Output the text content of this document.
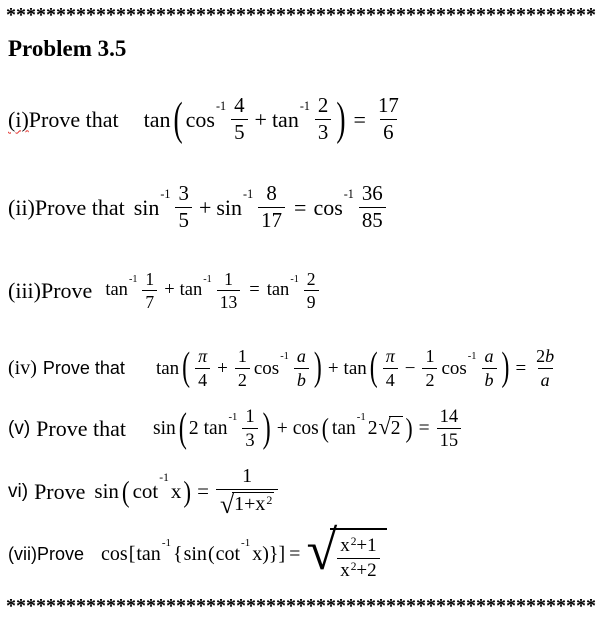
***********************************************************
Problem 3.5
(i) Prove that tan ( cos
$-1 \frac{4}{5} + \tan$
$-1 \frac{2}{3}$ ) = $\frac{17}{6}$
(ii) Prove that sin
$-1 \frac{3}{5} + \sin$
$-1 \frac{8}{17} = \cos$
$-1 \frac{36}{85}$
(iii) Prove tan
$-1 \frac{1}{7} + \tan$
$-1 \frac{1}{13} = \tan$
$-1 \frac{2}{9}$
(iv) Prove that tan ( $\frac{\pi}{4} + \frac{1}{2}$ cos
$-1 \frac{a}{b}$ ) + tan ( $\frac{\pi}{4} - \frac{1}{2}$ cos
$-1 \frac{a}{b}$ ) = $\frac{2b}{a}$
(v) Prove that sin ( 2 tan
$-1 \frac{1}{3}$ ) + cos ( tan
-1
2 √ 2 ) = $\frac{14}{15}$
vi) Prove sin ( cot
-1
x ) = $\frac{1}{√ 1+x^2}$
(vii) Prove cos [ tan
-1
{ sin ( cot
-1
x ) } ] = √ $\frac{x^2+1}{x^2+2}$
***********************************************************
